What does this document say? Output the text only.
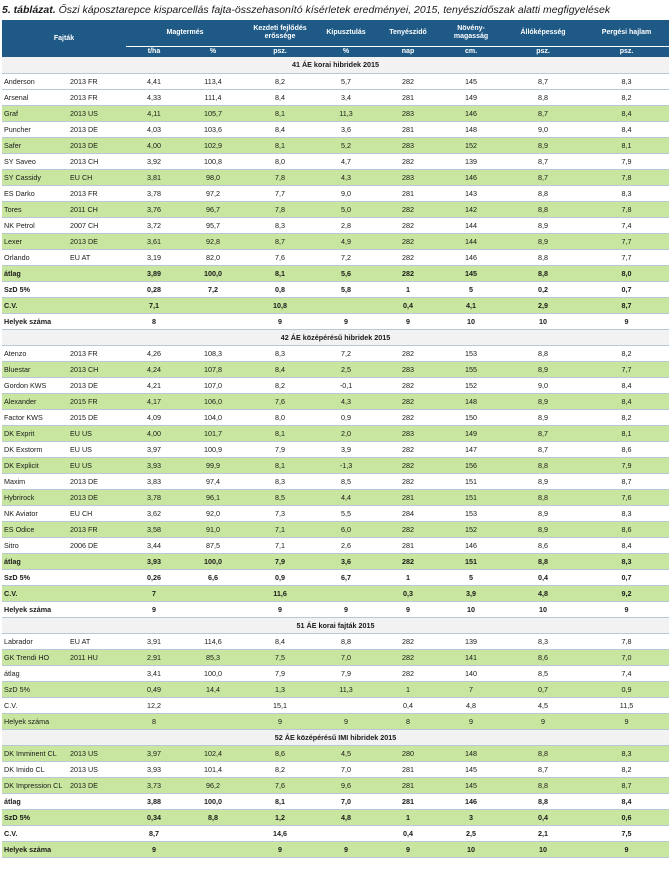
5. táblázat. Őszi káposztarepce kisparcellás fajta-összehasonító kísérletek eredményei, 2015, tenyészidőszak alatti megfigyelések
Fajták		Magtermés		Kezdeti fejlődés erőssége	Kipusztulás	Tenyészidő	Növény-magasság	Állóképesség	Pergési hajlam
		t/ha	%	psz.	%	nap	cm.	psz.	psz.
41 ÁE korai hibridek 2015									
Anderson	2013 FR	4,41	113,4	8,2	5,7	282	145	8,7	8,3
Arsenal	2013 FR	4,33	111,4	8,4	3,4	281	149	8,8	8,2
Graf	2013 US	4,11	105,7	8,1	11,3	283	146	8,7	8,4
Puncher	2013 DE	4,03	103,6	8,4	3,6	281	148	9,0	8,4
Safer	2013 DE	4,00	102,9	8,1	5,2	283	152	8,9	8,1
SY Saveo	2013 CH	3,92	100,8	8,0	4,7	282	139	8,7	7,9
SY Cassidy	EU CH	3,81	98,0	7,8	4,3	283	146	8,7	7,8
ES Darko	2013 FR	3,78	97,2	7,7	9,0	281	143	8,8	8,3
Tores	2011 CH	3,76	96,7	7,8	5,0	282	142	8,8	7,8
NK Petrol	2007 CH	3,72	95,7	8,3	2,8	282	144	8,9	7,4
Lexer	2013 DE	3,61	92,8	8,7	4,9	282	144	8,9	7,7
Orlando	EU AT	3,19	82,0	7,6	7,2	282	146	8,8	7,7
átlag		3,89	100,0	8,1	5,6	282	145	8,8	8,0
SzD 5%		0,28	7,2	0,8	5,8	1	5	0,2	0,7
C.V.		7,1		10,8		0,4	4,1	2,9	8,7
Helyek száma		8		9	9	9	10	10	9
42 ÁE középérésű hibridek 2015									
Atenzo	2013 FR	4,26	108,3	8,3	7,2	282	153	8,8	8,2
Bluestar	2013 CH	4,24	107,8	8,4	2,5	283	155	8,9	7,7
Gordon KWS	2013 DE	4,21	107,0	8,2	-0,1	282	152	9,0	8,4
Alexander	2015 FR	4,17	106,0	7,6	4,3	282	148	8,9	8,4
Factor KWS	2015 DE	4,09	104,0	8,0	0,9	282	150	8,9	8,2
DK Exprit	EU US	4,00	101,7	8,1	2,0	283	149	8,7	8,1
DK Exstorm	EU US	3,97	100,9	7,9	3,9	282	147	8,7	8,6
DK Explicit	EU US	3,93	99,9	8,1	-1,3	282	156	8,8	7,9
Maxim	2013 DE	3,83	97,4	8,3	8,5	282	151	8,9	8,7
Hybrirock	2013 DE	3,78	96,1	8,5	4,4	281	151	8,8	7,6
NK Aviator	EU CH	3,62	92,0	7,3	5,5	284	153	8,9	8,3
ES Odice	2013 FR	3,58	91,0	7,1	6,0	282	152	8,9	8,6
Sitro	2006 DE	3,44	87,5	7,1	2,6	281	146	8,6	8,4
átlag		3,93	100,0	7,9	3,6	282	151	8,8	8,3
SzD 5%		0,26	6,6	0,9	6,7	1	5	0,4	0,7
C.V.		7		11,6		0,3	3,9	4,8	9,2
Helyek száma		9		9	9	9	10	10	9
51 ÁE korai fajták 2015									
Labrador	EU AT	3,91	114,6	8,4	8,8	282	139	8,3	7,8
GK Trendi HO	2011 HU	2,91	85,3	7,5	7,0	282	141	8,6	7,0
átlag		3,41	100,0	7,9	7,9	282	140	8,5	7,4
SzD 5%		0,49	14,4	1,3	11,3	1	7	0,7	0,9
C.V.		12,2		15,1		0,4	4,8	4,5	11,5
Helyek száma		8		9	9	8	9	9	9
52 ÁE középérésű IMI hibridek 2015									
DK Imminent CL	2013 US	3,97	102,4	8,6	4,5	280	148	8,8	8,3
DK Imido CL	2013 US	3,93	101,4	8,2	7,0	281	145	8,7	8,2
DK Impression CL	2013 DE	3,73	96,2	7,6	9,6	281	145	8,8	8,7
átlag		3,88	100,0	8,1	7,0	281	146	8,8	8,4
SzD 5%		0,34	8,8	1,2	4,8	1	3	0,4	0,6
C.V.		8,7		14,6		0,4	2,5	2,1	7,5
Helyek száma		9		9	9	9	10	10	9
